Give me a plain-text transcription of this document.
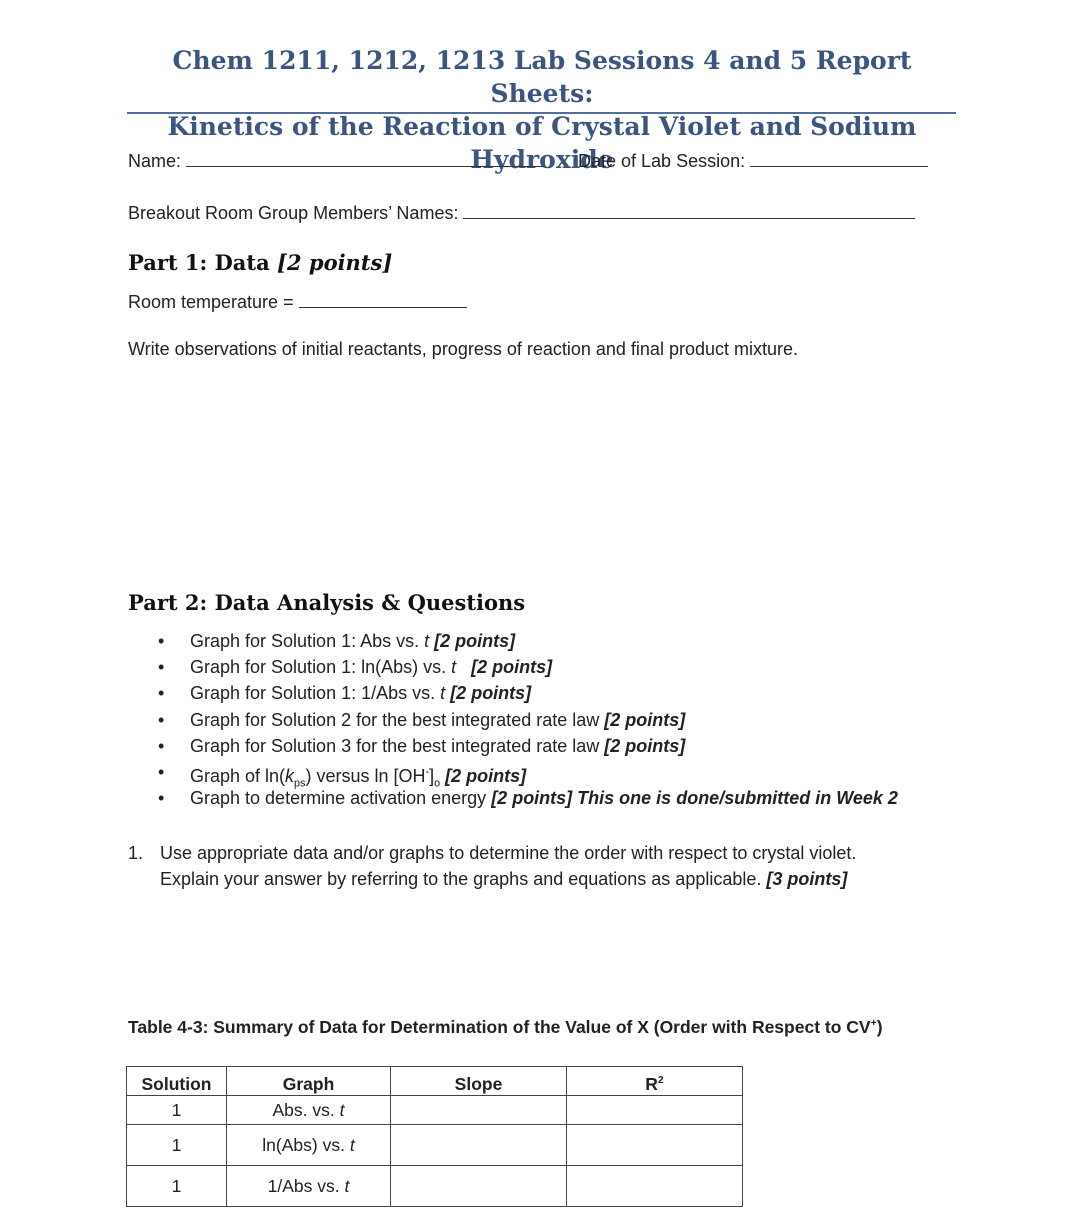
Chem 1211, 1212, 1213 Lab Sessions 4 and 5 Report Sheets:
Kinetics of the Reaction of Crystal Violet and Sodium Hydroxide
Name:	Date of Lab Session:
Breakout Room Group Members’ Names:
Part 1: Data [2 points]
Room temperature =
Write observations of initial reactants, progress of reaction and final product mixture.
Part 2: Data Analysis & Questions
• Graph for Solution 1: Abs vs. t [2 points]
• Graph for Solution 1: ln(Abs) vs. t [2 points]
• Graph for Solution 1: 1/Abs vs. t [2 points]
• Graph for Solution 2 for the best integrated rate law [2 points]
• Graph for Solution 3 for the best integrated rate law [2 points]
• Graph of $\ln(k_{ps})$ versus $\ln [OH^-]_o$ [2 points]
• Graph to determine activation energy [2 points] This one is done/submitted in Week 2
1. Use appropriate data and/or graphs to determine the order with respect to crystal violet.
Explain your answer by referring to the graphs and equations as applicable. [3 points]
Table 4-3: Summary of Data for Determination of the Value of X (Order with Respect to CV+)
Solution	Graph	Slope	$R^2$
1	Abs. vs. t		
1	ln(Abs) vs. t		
1	1/Abs vs. t		
